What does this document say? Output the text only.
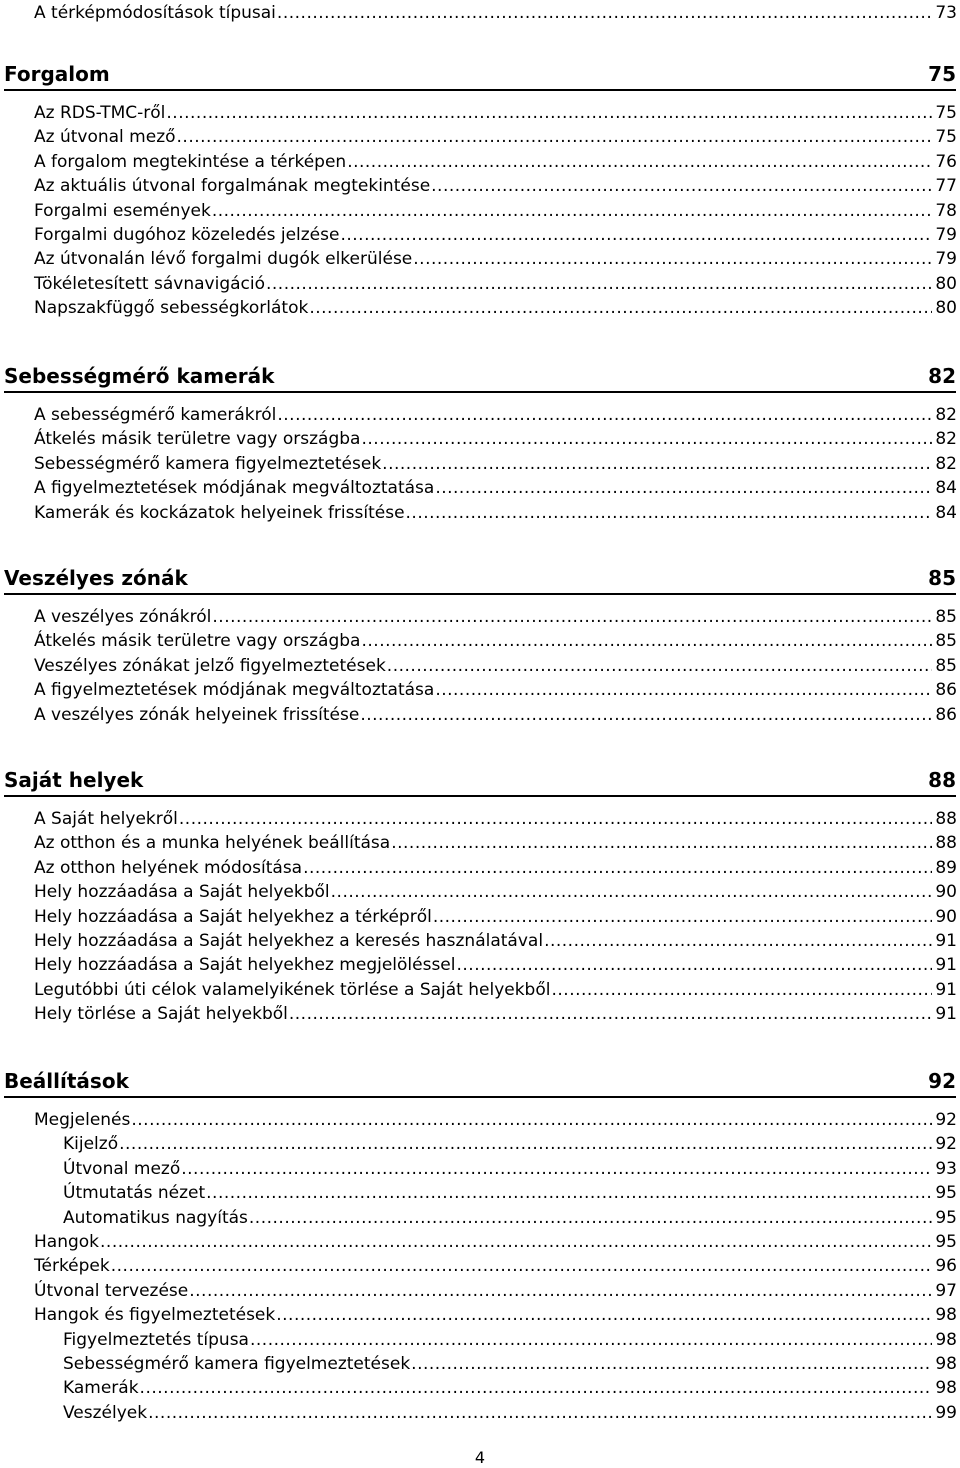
A térképmódosítások típusai .....	73
Forgalom	75
Az RDS-TMC-ről .....	75
Az útvonal mező .....	75
A forgalom megtekintése a térképen .....	76
Az aktuális útvonal forgalmának megtekintése .....	77
Forgalmi események .....	78
Forgalmi dugóhoz közeledés jelzése .....	79
Az útvonalán lévő forgalmi dugók elkerülése .....	79
Tökéletesített sávnavigáció .....	80
Napszakfüggő sebességkorlátok .....	80
Sebességmérő kamerák	82
A sebességmérő kamerákról .....	82
Átkelés másik területre vagy országba .....	82
Sebességmérő kamera figyelmeztetések .....	82
A figyelmeztetések módjának megváltoztatása .....	84
Kamerák és kockázatok helyeinek frissítése .....	84
Veszélyes zónák	85
A veszélyes zónákról .....	85
Átkelés másik területre vagy országba .....	85
Veszélyes zónákat jelző figyelmeztetések .....	85
A figyelmeztetések módjának megváltoztatása .....	86
A veszélyes zónák helyeinek frissítése .....	86
Saját helyek	88
A Saját helyekről .....	88
Az otthon és a munka helyének beállítása .....	88
Az otthon helyének módosítása .....	89
Hely hozzáadása a Saját helyekből .....	90
Hely hozzáadása a Saját helyekhez a térképről .....	90
Hely hozzáadása a Saját helyekhez a keresés használatával .....	91
Hely hozzáadása a Saját helyekhez megjelöléssel .....	91
Legutóbbi úti célok valamelyikének törlése a Saját helyekből .....	91
Hely törlése a Saját helyekből .....	91
Beállítások	92
Megjelenés .....	92
Kijelző .....	92
Útvonal mező .....	93
Útmutatás nézet .....	95
Automatikus nagyítás .....	95
Hangok .....	95
Térképek .....	96
Útvonal tervezése .....	97
Hangok és figyelmeztetések .....	98
Figyelmeztetés típusa .....	98
Sebességmérő kamera figyelmeztetések .....	98
Kamerák .....	98
Veszélyek .....	99
4
